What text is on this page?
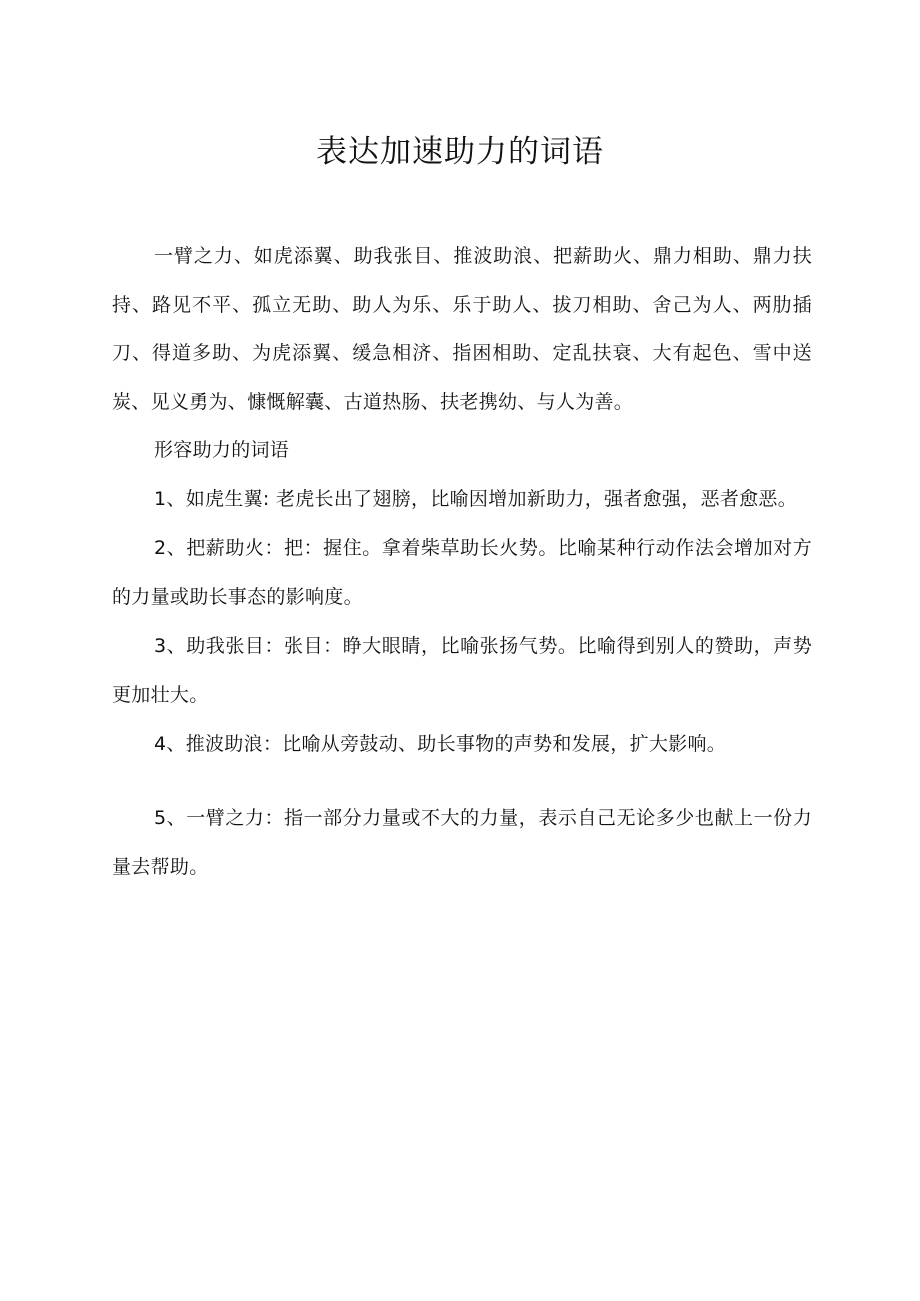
表达加速助力的词语

一臂之力、如虎添翼、助我张目、推波助浪、把薪助火、鼎力相助、鼎力扶持、路见不平、孤立无助、助人为乐、乐于助人、拔刀相助、舍己为人、两肋插刀、得道多助、为虎添翼、缓急相济、指困相助、定乱扶衰、大有起色、雪中送炭、见义勇为、慷慨解囊、古道热肠、扶老携幼、与人为善。

形容助力的词语

1、如虎生翼: 老虎长出了翅膀，比喻因增加新助力，强者愈强，恶者愈恶。

2、把薪助火：把：握住。拿着柴草助长火势。比喻某种行动作法会增加对方的力量或助长事态的影响度。

3、助我张目：张目：睁大眼睛，比喻张扬气势。比喻得到别人的赞助，声势更加壮大。

4、推波助浪：比喻从旁鼓动、助长事物的声势和发展，扩大影响。

5、一臂之力：指一部分力量或不大的力量，表示自己无论多少也献上一份力量去帮助。
